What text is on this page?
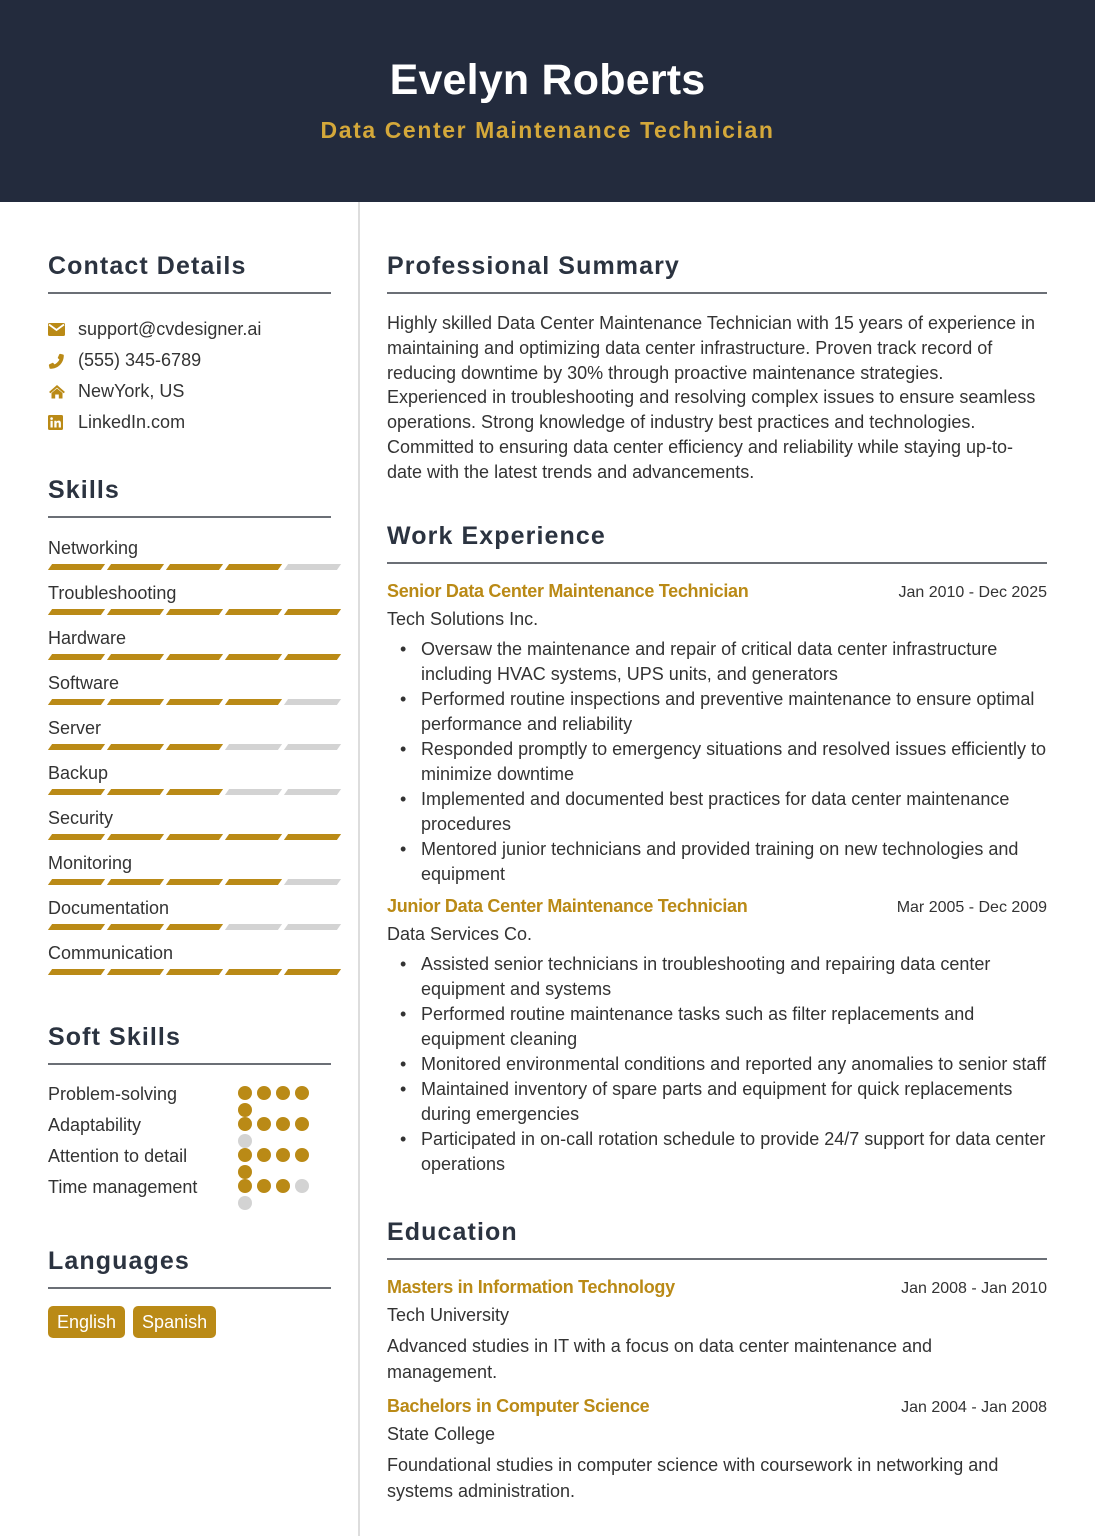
Evelyn Roberts
Data Center Maintenance Technician
Contact Details
support@cvdesigner.ai
(555) 345-6789
NewYork, US
LinkedIn.com
Skills
Networking
Troubleshooting
Hardware
Software
Server
Backup
Security
Monitoring
Documentation
Communication
Soft Skills
Problem-solving
Adaptability
Attention to detail
Time management
Languages
English	Spanish
Professional Summary

Highly skilled Data Center Maintenance Technician with 15 years of experience in maintaining and optimizing data center infrastructure. Proven track record of reducing downtime by 30% through proactive maintenance strategies. Experienced in troubleshooting and resolving complex issues to ensure seamless operations. Strong knowledge of industry best practices and technologies. Committed to ensuring data center efficiency and reliability while staying up-to-date with the latest trends and advancements.

Work Experience
Senior Data Center Maintenance Technician	Jan 2010 - Dec 2025
Tech Solutions Inc.
• Oversaw the maintenance and repair of critical data center infrastructure including HVAC systems, UPS units, and generators
• Performed routine inspections and preventive maintenance to ensure optimal performance and reliability
• Responded promptly to emergency situations and resolved issues efficiently to minimize downtime
• Implemented and documented best practices for data center maintenance procedures
• Mentored junior technicians and provided training on new technologies and equipment
Junior Data Center Maintenance Technician	Mar 2005 - Dec 2009
Data Services Co.
• Assisted senior technicians in troubleshooting and repairing data center equipment and systems
• Performed routine maintenance tasks such as filter replacements and equipment cleaning
• Monitored environmental conditions and reported any anomalies to senior staff
• Maintained inventory of spare parts and equipment for quick replacements during emergencies
• Participated in on-call rotation schedule to provide 24/7 support for data center operations
Education
Masters in Information Technology	Jan 2008 - Jan 2010
Tech University

Advanced studies in IT with a focus on data center maintenance and management.

Bachelors in Computer Science	Jan 2004 - Jan 2008
State College

Foundational studies in computer science with coursework in networking and systems administration.
